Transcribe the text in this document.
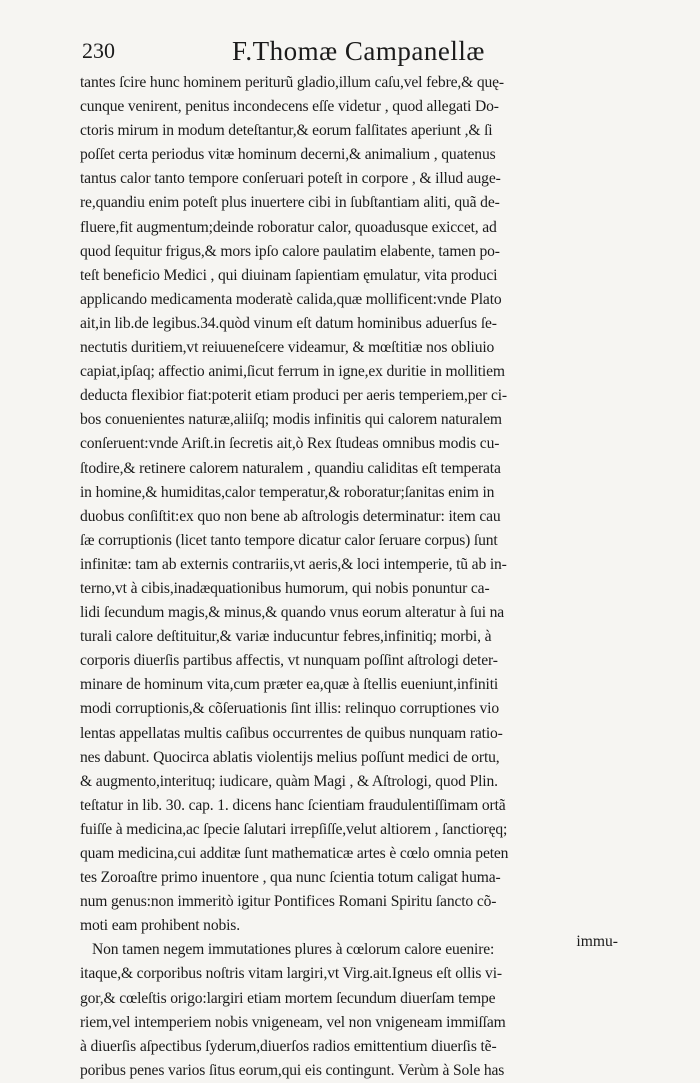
230	F.Thomæ Campanellæ
tantes ſcire hunc hominem periturũ gladio,illum caſu,vel febre,& quę-
cunque venirent, penitus incondecens eſſe videtur , quod allegati Do-
ctoris mirum in modum deteſtantur,& eorum falſitates aperiunt ,& ſi
poſſet certa periodus vitæ hominum decerni,& animalium , quatenus
tantus calor tanto tempore conſeruari poteſt in corpore , & illud auge-
re,quandiu enim poteſt plus inuertere cibi in ſubſtantiam aliti, quã de-
fluere,fit augmentum;deinde roboratur calor, quoadusque exiccet, ad
quod ſequitur frigus,& mors ipſo calore paulatim elabente, tamen po-
teſt beneficio Medici , qui diuinam ſapientiam ęmulatur, vita produci
applicando medicamenta moderatè calida,quæ mollificent:vnde Plato
ait,in lib.de legibus.34.quòd vinum eſt datum hominibus aduerſus ſe-
nectutis duritiem,vt reiuueneſcere videamur, & mœſtitiæ nos obliuio
capiat,ipſaq; affectio animi,ſicut ferrum in igne,ex duritie in mollitiem
deducta flexibior fiat:poterit etiam produci per aeris temperiem,per ci-
bos conuenientes naturæ,aliiſq; modis infinitis qui calorem naturalem
conſeruent:vnde Ariſt.in ſecretis ait,ò Rex ſtudeas omnibus modis cu-
ſtodire,& retinere calorem naturalem , quandiu caliditas eſt temperata
in homine,& humiditas,calor temperatur,& roboratur;ſanitas enim in
duobus conſiſtit:ex quo non bene ab aſtrologis determinatur: item cau
ſæ corruptionis (licet tanto tempore dicatur calor ſeruare corpus) ſunt
infinitæ: tam ab externis contrariis,vt aeris,& loci intemperie, tũ ab in-
terno,vt à cibis,inadæquationibus humorum, qui nobis ponuntur ca-
lidi ſecundum magis,& minus,& quando vnus eorum alteratur à ſui na
turali calore deſtituitur,& variæ inducuntur febres,infinitiq; morbi, à
corporis diuerſis partibus affectis, vt nunquam poſſint aſtrologi deter-
minare de hominum vita,cum præter ea,quæ à ſtellis eueniunt,infiniti
modi corruptionis,& cõſeruationis ſint illis: relinquo corruptiones vio
lentas appellatas multis caſibus occurrentes de quibus nunquam ratio-
nes dabunt. Quocirca ablatis violentijs melius poſſunt medici de ortu,
& augmento,interituq; iudicare, quàm Magi , & Aſtrologi, quod Plin.
teſtatur in lib. 30. cap. 1. dicens hanc ſcientiam fraudulentiſſimam ortã
fuiſſe à medicina,ac ſpecie ſalutari irrepſiſſe,velut altiorem , ſanctioręq;
quam medicina,cui additæ ſunt mathematicæ artes è cœlo omnia peten
tes Zoroaſtre primo inuentore , qua nunc ſcientia totum caligat huma-
num genus:non immeritò igitur Pontifices Romani Spiritu ſancto cõ-
moti eam prohibent nobis.
Non tamen negem immutationes plures à cœlorum calore euenire:
itaque,& corporibus noſtris vitam largiri,vt Virg.ait.Igneus eſt ollis vi-
gor,& cœleſtis origo:largiri etiam mortem ſecundum diuerſam tempe
riem,vel intemperiem nobis vnigeneam, vel non vnigeneam immiſſam
à diuerſis aſpectibus ſyderum,diuerſos radios emittentium diuerſis tẽ-
poribus penes varios ſitus eorum,qui eis contingunt. Verùm à Sole has
immu-
